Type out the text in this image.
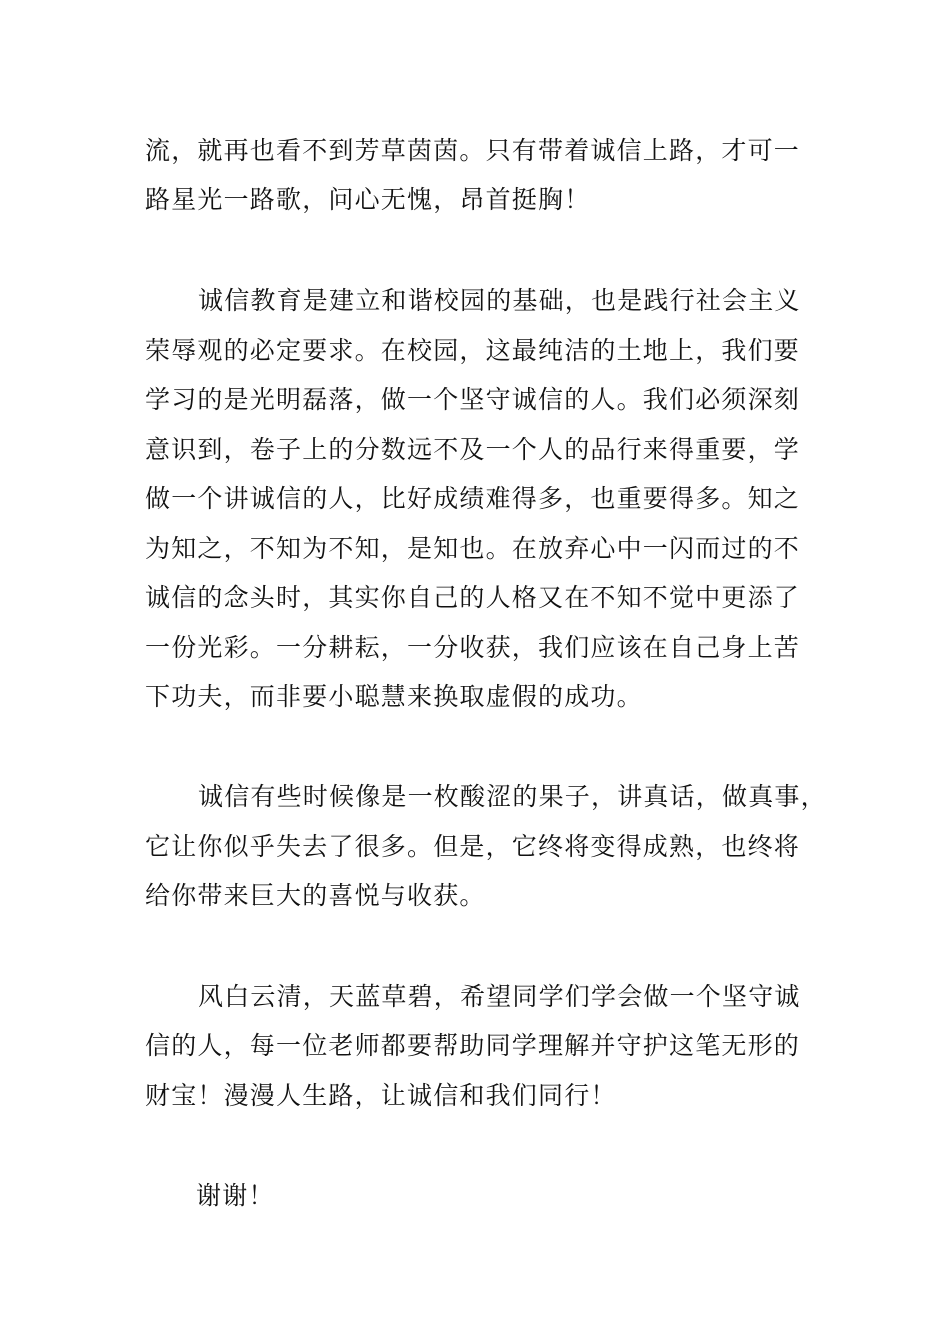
流，就再也看不到芳草茵茵。只有带着诚信上路，才可一
路星光一路歌，问心无愧，昂首挺胸！
诚信教育是建立和谐校园的基础，也是践行社会主义
荣辱观的必定要求。在校园，这最纯洁的土地上，我们要
学习的是光明磊落，做一个坚守诚信的人。我们必须深刻
意识到，卷子上的分数远不及一个人的品行来得重要，学
做一个讲诚信的人，比好成绩难得多，也重要得多。知之
为知之，不知为不知，是知也。在放弃心中一闪而过的不
诚信的念头时，其实你自己的人格又在不知不觉中更添了
一份光彩。一分耕耘，一分收获，我们应该在自己身上苦
下功夫，而非要小聪慧来换取虚假的成功。
诚信有些时候像是一枚酸涩的果子，讲真话，做真事，
它让你似乎失去了很多。但是，它终将变得成熟，也终将
给你带来巨大的喜悦与收获。
风白云清，天蓝草碧，希望同学们学会做一个坚守诚
信的人，每一位老师都要帮助同学理解并守护这笔无形的
财宝！漫漫人生路，让诚信和我们同行！
谢谢！
